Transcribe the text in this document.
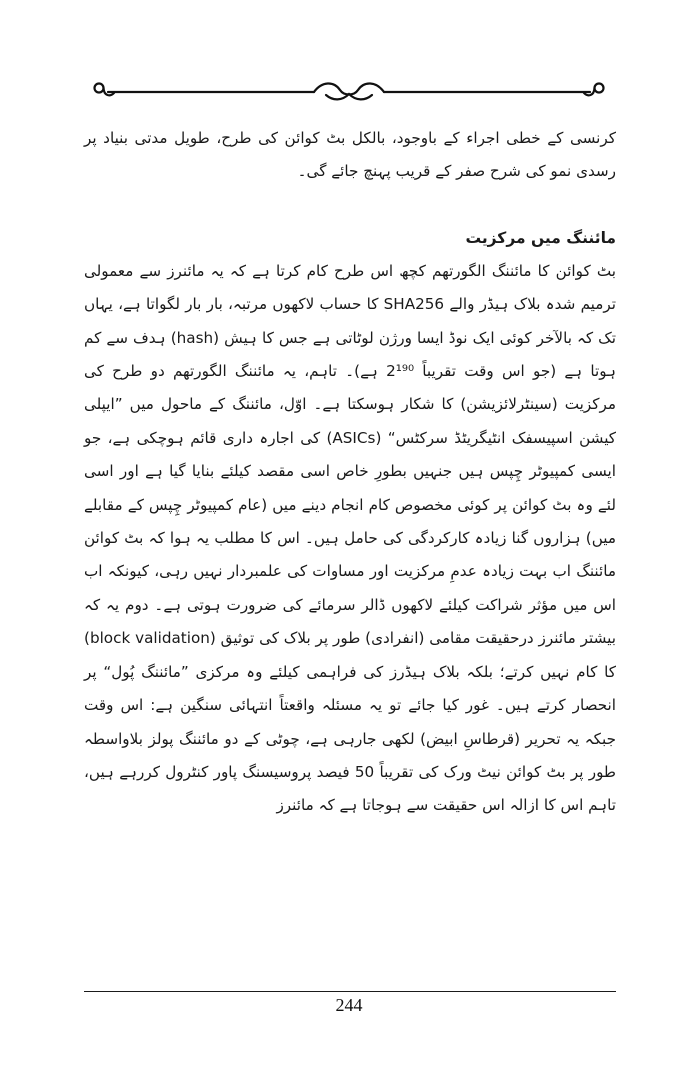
کرنسی کے خطی اجراء کے باوجود، بالکل بٹ کوائن کی طرح، طویل مدتی بنیاد پر رسدی نمو کی شرح صفر کے قریب پہنچ جائے گی۔

مائننگ میں مرکزیت

بٹ کوائن کا مائننگ الگورتھم کچھ اس طرح کام کرتا ہے کہ یہ مائنرز سے معمولی ترمیم شدہ بلاک ہیڈر والے SHA256 کا حساب لاکھوں مرتبہ، بار بار لگواتا ہے، یہاں تک کہ بالآخر کوئی ایک نوڈ ایسا ورژن لوٹاتی ہے جس کا ہیش (hash) ہدف سے کم ہوتا ہے (جو اس وقت تقریباً 2¹⁹⁰ ہے)۔ تاہم، یہ مائننگ الگورتھم دو طرح کی مرکزیت (سینٹرلائزیشن) کا شکار ہوسکتا ہے۔ اوّل، مائننگ کے ماحول میں ”ایپلی کیشن اسپیسفک انٹیگریٹڈ سرکٹس“ (ASICs) کی اجارہ داری قائم ہوچکی ہے، جو ایسی کمپیوٹر چِپس ہیں جنہیں بطورِ خاص اسی مقصد کیلئے بنایا گیا ہے اور اسی لئے وہ بٹ کوائن پر کوئی مخصوص کام انجام دینے میں (عام کمپیوٹر چِپس کے مقابلے میں) ہزاروں گنا زیادہ کارکردگی کی حامل ہیں۔ اس کا مطلب یہ ہوا کہ بٹ کوائن مائننگ اب بہت زیادہ عدمِ مرکزیت اور مساوات کی علمبردار نہیں رہی، کیونکہ اب اس میں مؤثر شراکت کیلئے لاکھوں ڈالر سرمائے کی ضرورت ہوتی ہے۔ دوم یہ کہ بیشتر مائنرز درحقیقت مقامی (انفرادی) طور پر بلاک کی توثیق (block validation) کا کام نہیں کرتے؛ بلکہ بلاک ہیڈرز کی فراہمی کیلئے وہ مرکزی ”مائننگ پُول“ پر انحصار کرتے ہیں۔ غور کیا جائے تو یہ مسئلہ واقعتاً انتہائی سنگین ہے: اس وقت جبکہ یہ تحریر (قرطاسِ ابیض) لکھی جارہی ہے، چوٹی کے دو مائننگ پولز بلاواسطہ طور پر بٹ کوائن نیٹ ورک کی تقریباً 50 فیصد پروسیسنگ پاور کنٹرول کررہے ہیں، تاہم اس کا ازالہ اس حقیقت سے ہوجاتا ہے کہ مائنرز

244
